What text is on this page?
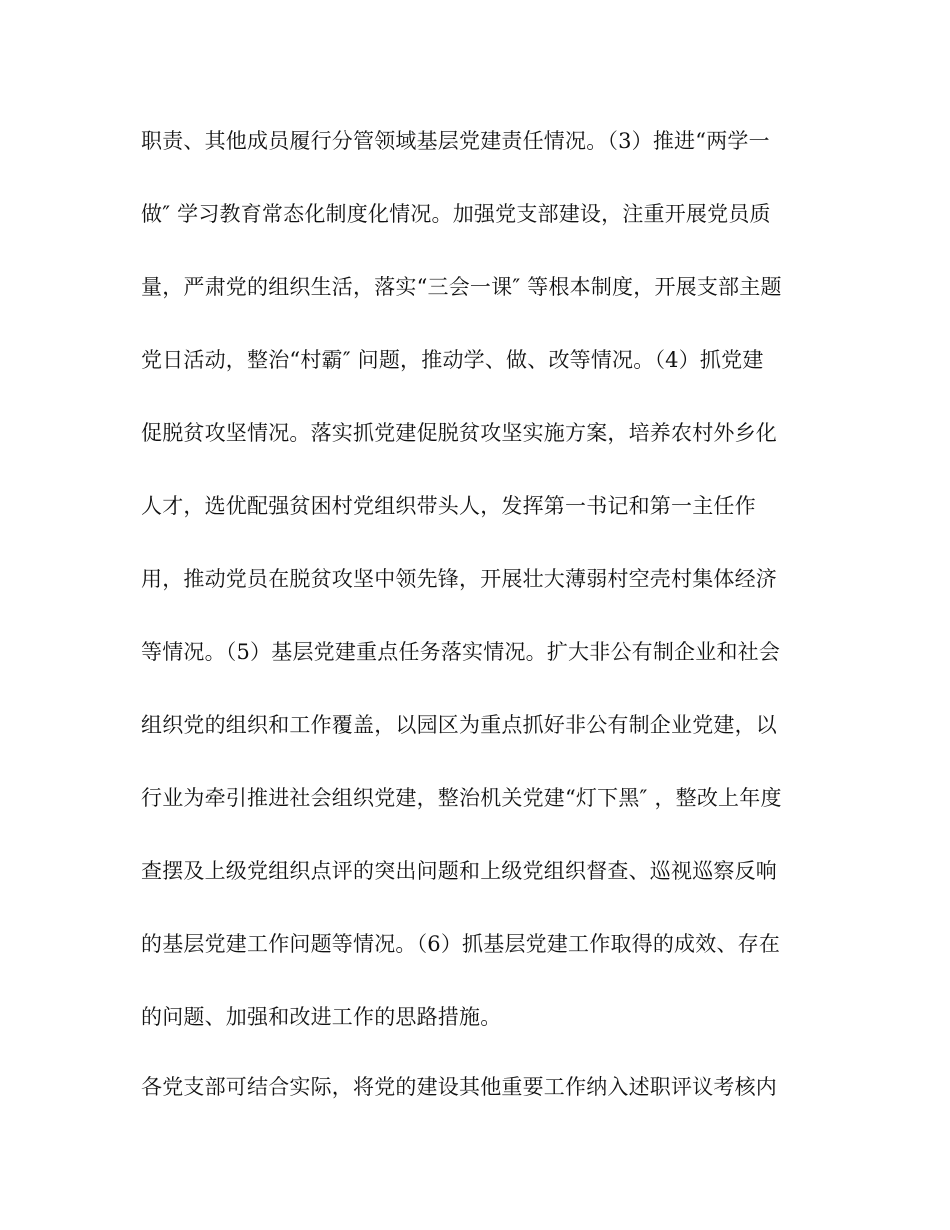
职责、其他成员履行分管领域基层党建责任情况。（3）推进“两学一
做″ 学习教育常态化制度化情况。加强党支部建设，注重开展党员质
量，严肃党的组织生活，落实“三会一课″ 等根本制度，开展支部主题
党日活动，整治“村霸″ 问题，推动学、做、改等情况。（4）抓党建
促脱贫攻坚情况。落实抓党建促脱贫攻坚实施方案，培养农村外乡化
人才，选优配强贫困村党组织带头人，发挥第一书记和第一主任作
用，推动党员在脱贫攻坚中领先锋，开展壮大薄弱村空壳村集体经济
等情况。（5）基层党建重点任务落实情况。扩大非公有制企业和社会
组织党的组织和工作覆盖，以园区为重点抓好非公有制企业党建，以
行业为牵引推进社会组织党建，整治机关党建“灯下黑″ ，整改上年度
查摆及上级党组织点评的突出问题和上级党组织督查、巡视巡察反响
的基层党建工作问题等情况。（6）抓基层党建工作取得的成效、存在
的问题、加强和改进工作的思路措施。
各党支部可结合实际，将党的建设其他重要工作纳入述职评议考核内
